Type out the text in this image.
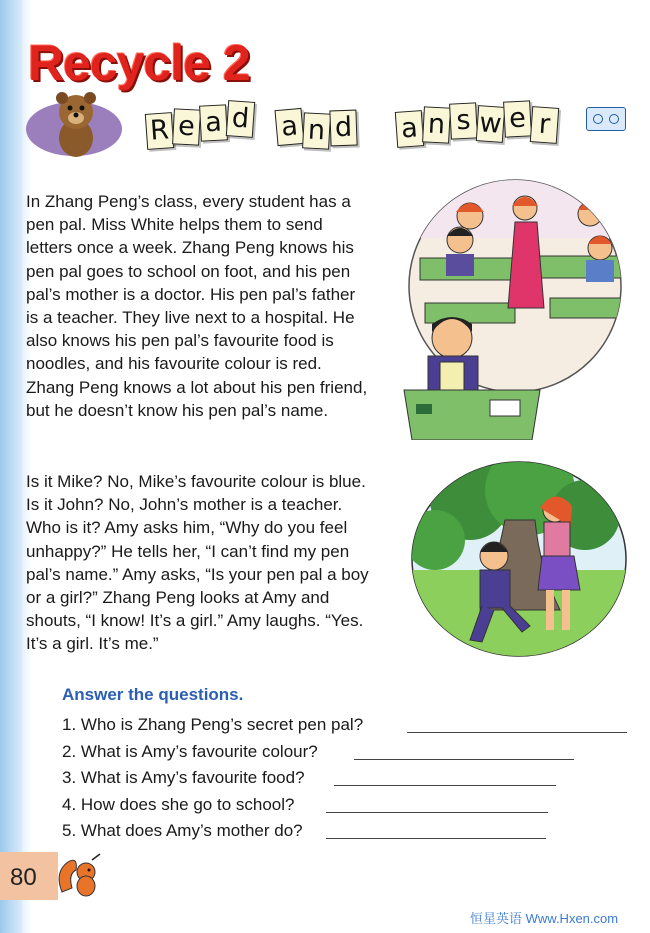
Recycle 2
R e a d a n d a n s w e r
In Zhang Peng’s class, every student has a
pen pal. Miss White helps them to send
letters once a week. Zhang Peng knows his
pen pal goes to school on foot, and his pen
pal’s mother is a doctor. His pen pal’s father
is a teacher. They live next to a hospital. He
also knows his pen pal’s favourite food is
noodles, and his favourite colour is red.
Zhang Peng knows a lot about his pen friend,
but he doesn’t know his pen pal’s name.
Is it Mike? No, Mike’s favourite colour is blue.
Is it John? No, John’s mother is a teacher.
Who is it? Amy asks him, “Why do you feel
unhappy?” He tells her, “I can’t find my pen
pal’s name.” Amy asks, “Is your pen pal a boy
or a girl?” Zhang Peng looks at Amy and
shouts, “I know! It’s a girl.” Amy laughs. “Yes.
It’s a girl. It’s me.”
Answer the questions.
1. Who is Zhang Peng’s secret pen pal?
2. What is Amy’s favourite colour?
3. What is Amy’s favourite food?
4. How does she go to school?
5. What does Amy’s mother do?
80
恒星英语 Www.Hxen.com
